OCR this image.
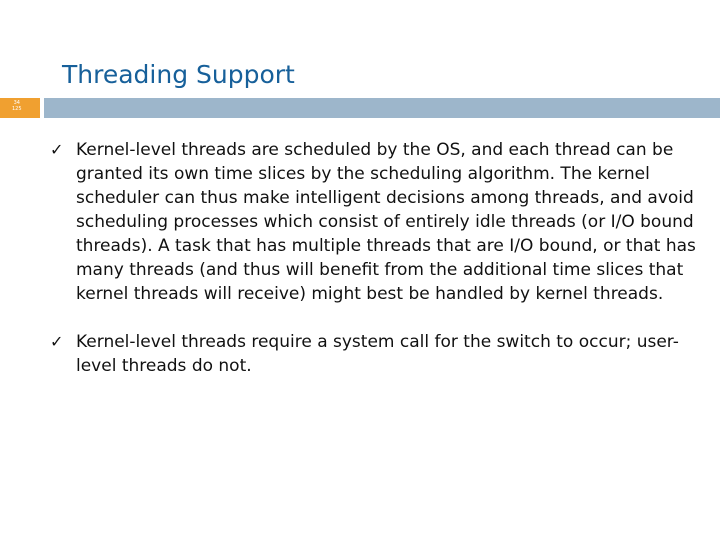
Threading Support
34
125
✓ Kernel-level threads are scheduled by the OS, and each thread can be granted its own time slices by the scheduling algorithm. The kernel scheduler can thus make intelligent decisions among threads, and avoid scheduling processes which consist of entirely idle threads (or I/O bound threads). A task that has multiple threads that are I/O bound, or that has many threads (and thus will benefit from the additional time slices that kernel threads will receive) might best be handled by kernel threads.
✓ Kernel-level threads require a system call for the switch to occur; user-level threads do not.
